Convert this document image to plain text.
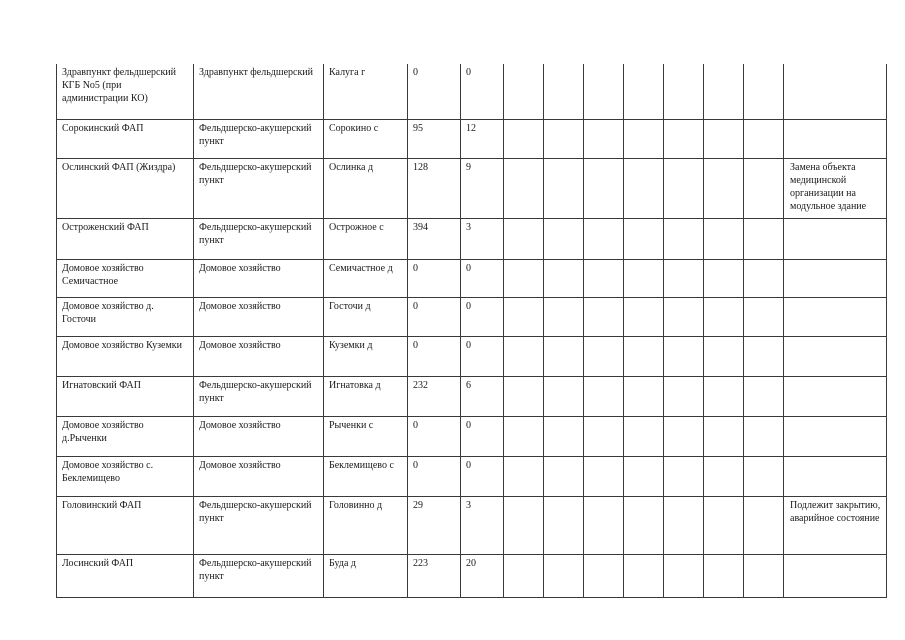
Здравпункт фельдшерский КГБ No5 (при администрации КО)	Здравпункт фельдшерский	Калуга г	0	0								
Сорокинский ФАП	Фельдшерско-акушерский пункт	Сорокино с	95	12								
Ослинский ФАП (Жиздра)	Фельдшерско-акушерский пункт	Ослинка д	128	9								Замена объекта медицинской организации на модульное здание
Остроженский ФАП	Фельдшерско-акушерский пункт	Острожное с	394	3								
Домовое хозяйство Семичастное	Домовое хозяйство	Семичастное д	0	0								
Домовое хозяйство д. Госточи	Домовое хозяйство	Госточи д	0	0								
Домовое хозяйство Куземки	Домовое хозяйство	Куземки д	0	0								
Игнатовский ФАП	Фельдшерско-акушерский пункт	Игнатовка д	232	6								
Домовое хозяйство д.Рыченки	Домовое хозяйство	Рыченки с	0	0								
Домовое хозяйство с. Беклемищево	Домовое хозяйство	Беклемищево с	0	0								
Головинский ФАП	Фельдшерско-акушерский пункт	Головинно д	29	3								Подлежит закрытию, аварийное состояние
Лосинский ФАП	Фельдшерско-акушерский пункт	Буда д	223	20								
